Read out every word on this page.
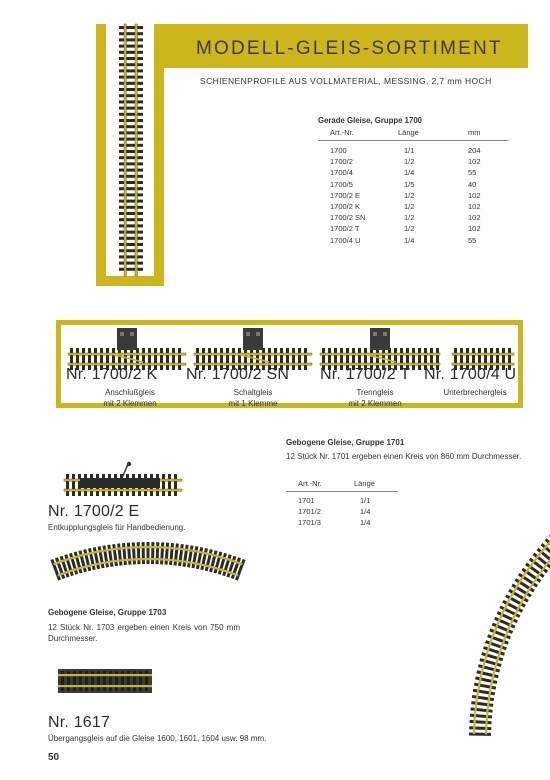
MODELL-GLEIS-SORTIMENT
SCHIENENPROFILE AUS VOLLMATERIAL, MESSING, 2,7 mm HOCH
Gerade Gleise, Gruppe 1700
Art.-Nr.	Länge	mm
1700	1/1	204
1700/2	1/2	102
1700/4	1/4	55
1700/5	1/5	40
1700/2 E	1/2	102
1700/2 K	1/2	102
1700/2 SN	1/2	102
1700/2 T	1/2	102
1700/4 U	1/4	55
Nr. 1700/2 K
Anschlußgleis
mit 2 Klemmen
Nr. 1700/2 SN
Schaltgleis
mit 1 Klemme
Nr. 1700/2 T
Trenngleis
mit 2 Klemmen
Nr. 1700/4 U
Unterbrechergleis
Gebogene Gleise, Gruppe 1701
12 Stück Nr. 1701 ergeben einen Kreis von 860 mm Durchmesser.
Art.-Nr.	Länge
1701	1/1
1701/2	1/4
1701/3	1/4
Nr. 1700/2 E
Entkupplungsgleis für Handbedienung.
Gebogene Gleise, Gruppe 1703
12 Stück Nr. 1703 ergeben einen Kreis von 750 mm Durchmesser.
Nr. 1617
Übergangsgleis auf die Gleise 1600, 1601, 1604 usw. 98 mm.
50
